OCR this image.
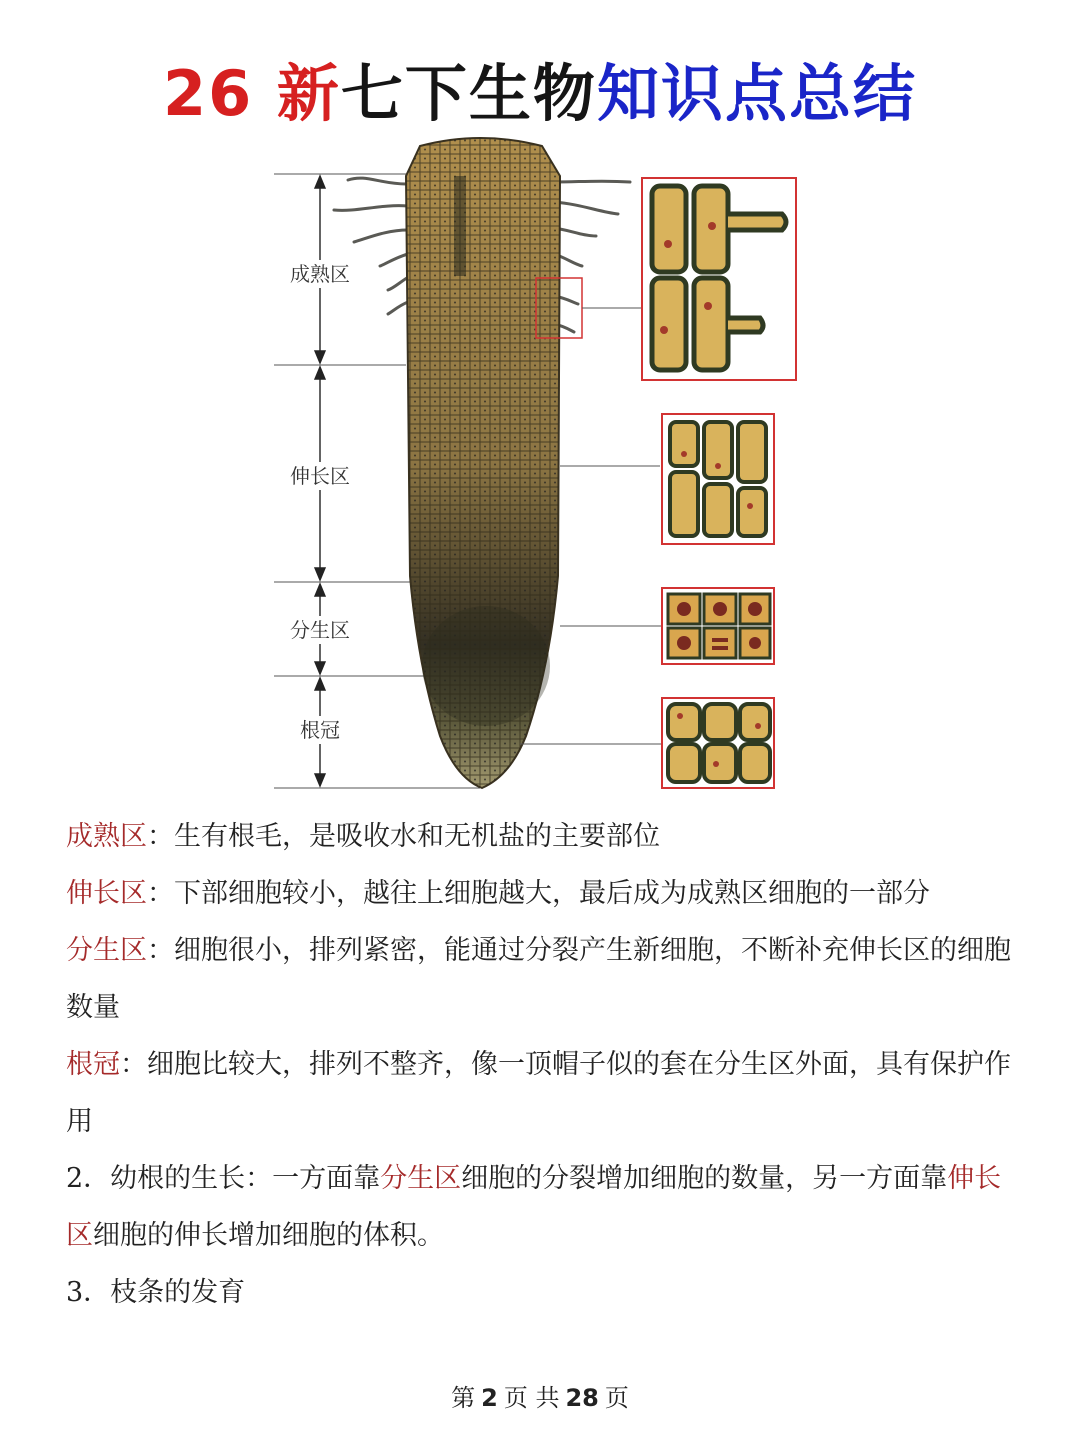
26 新七下生物知识点总结
成熟区
伸长区
分生区
根冠

成熟区：生有根毛，是吸收水和无机盐的主要部位

伸长区：下部细胞较小，越往上细胞越大，最后成为成熟区细胞的一部分

分生区：细胞很小，排列紧密，能通过分裂产生新细胞，不断补充伸长区的细胞数量

根冠：细胞比较大，排列不整齐，像一顶帽子似的套在分生区外面，具有保护作用

2．幼根的生长：一方面靠分生区细胞的分裂增加细胞的数量，另一方面靠伸长区细胞的伸长增加细胞的体积。

3．枝条的发育

第 2 页 共 28 页
